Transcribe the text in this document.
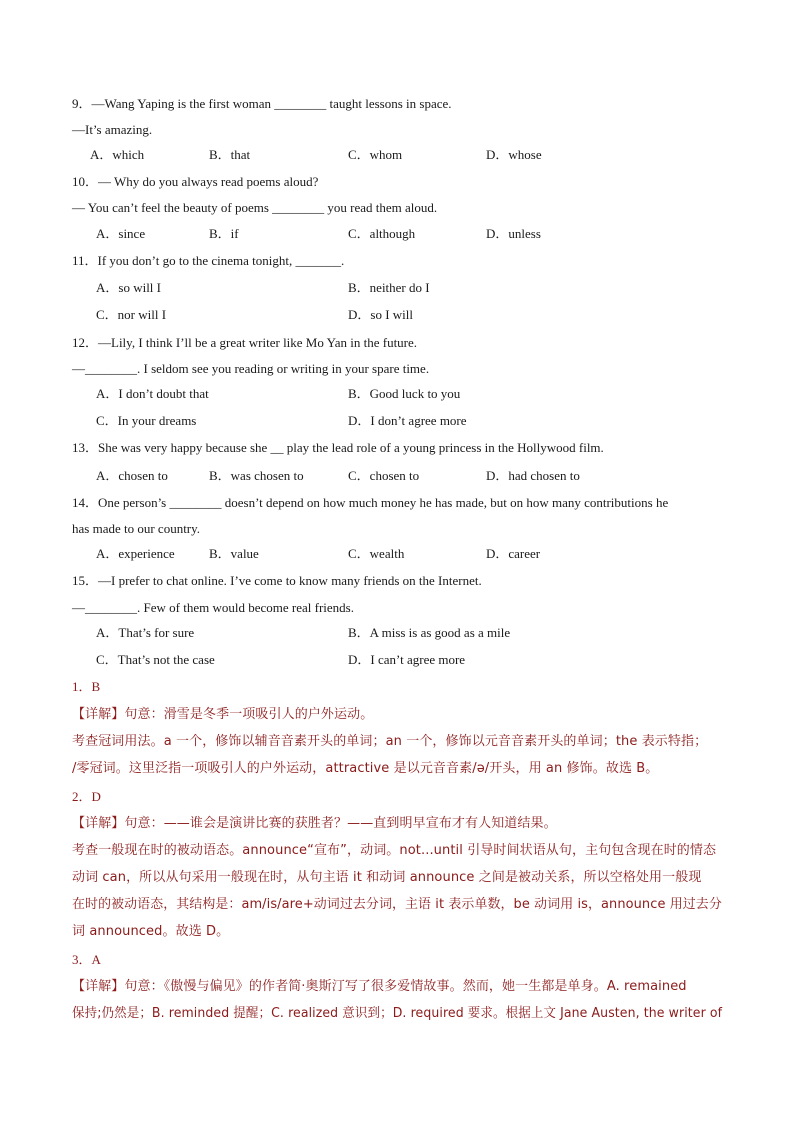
9．—Wang Yaping is the first woman ________ taught lessons in space.
—It’s amazing.
A．which	B．that	C．whom	D．whose
10．— Why do you always read poems aloud?
— You can’t feel the beauty of poems ________ you read them aloud.
A．since	B．if	C．although	D．unless
11．If you don’t go to the cinema tonight, _______.
A．so will I	B．neither do I
C．nor will I	D．so I will
12．—Lily, I think I’ll be a great writer like Mo Yan in the future.
—________. I seldom see you reading or writing in your spare time.
A．I don’t doubt that	B．Good luck to you
C．In your dreams	D．I don’t agree more
13．She was very happy because she __ play the lead role of a young princess in the Hollywood film.
A．chosen to	B．was chosen to	C．chosen to	D．had chosen to
14．One person’s ________ doesn’t depend on how much money he has made, but on how many contributions he
has made to our country.
A．experience	B．value	C．wealth	D．career
15．—I prefer to chat online. I’ve come to know many friends on the Internet.
—________. Few of them would become real friends.
A．That’s for sure	B．A miss is as good as a mile
C．That’s not the case	D．I can’t agree more
1．B
【详解】句意：滑雪是冬季一项吸引人的户外运动。
考查冠词用法。a 一个，修饰以辅音音素开头的单词；an 一个，修饰以元音音素开头的单词；the 表示特指；
/零冠词。这里泛指一项吸引人的户外运动，attractive 是以元音音素/ə/开头，用 an 修饰。故选 B。
2．D
【详解】句意：——谁会是演讲比赛的获胜者？——直到明早宣布才有人知道结果。
考查一般现在时的被动语态。announce“宣布”，动词。not...until 引导时间状语从句，主句包含现在时的情态
动词 can，所以从句采用一般现在时，从句主语 it 和动词 announce 之间是被动关系，所以空格处用一般现
在时的被动语态，其结构是：am/is/are+动词过去分词，主语 it 表示单数，be 动词用 is，announce 用过去分
词 announced。故选 D。
3．A
【详解】句意：《傲慢与偏见》的作者简·奥斯汀写了很多爱情故事。然而，她一生都是单身。A. remained
保持;仍然是；B. reminded 提醒；C. realized 意识到；D. required 要求。根据上文 Jane Austen, the writer of
